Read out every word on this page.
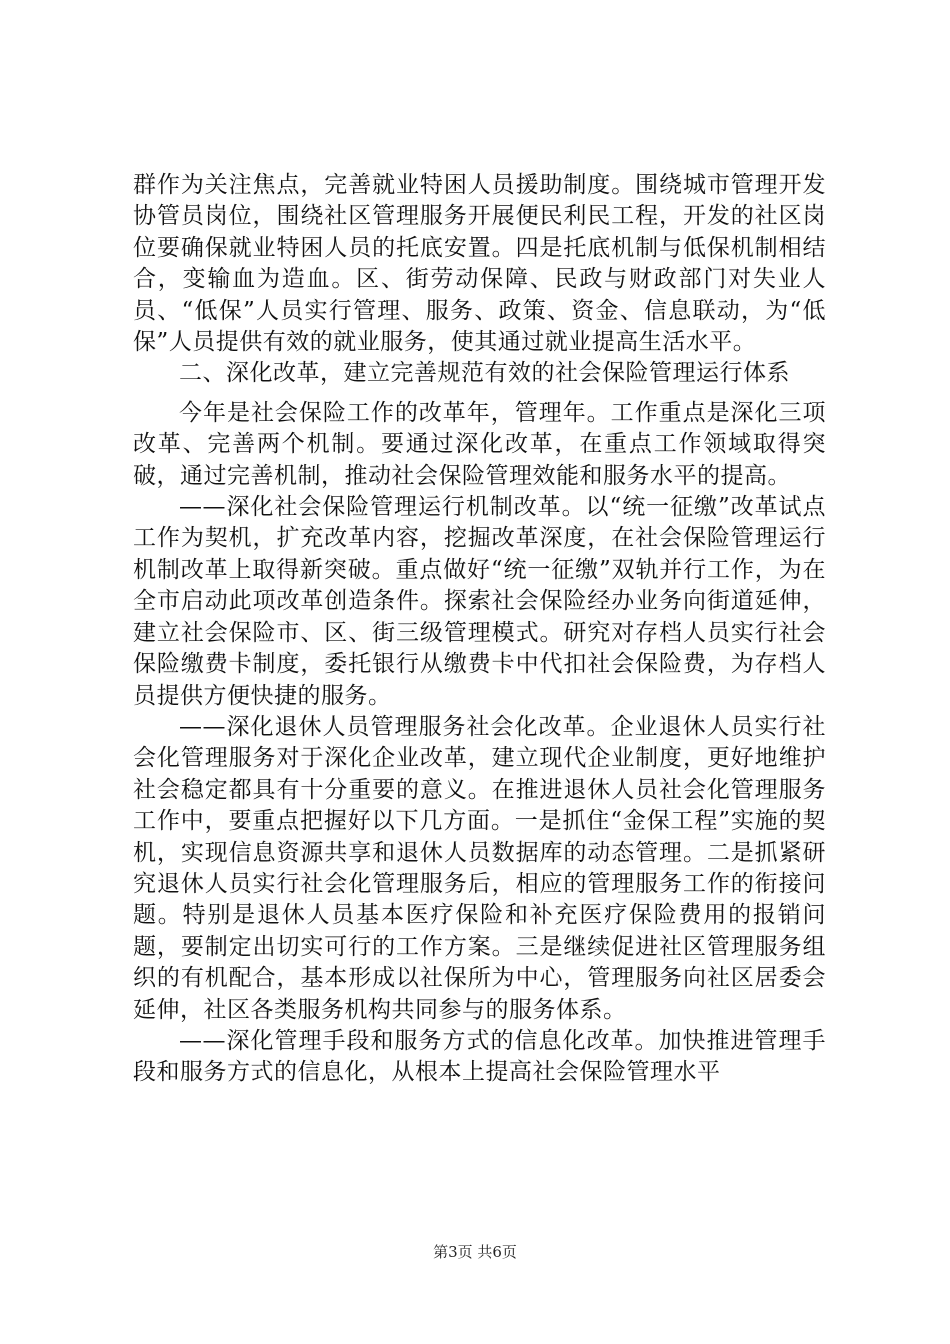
群作为关注焦点，完善就业特困人员援助制度。围绕城市管理开发协管员岗位，围绕社区管理服务开展便民利民工程，开发的社区岗位要确保就业特困人员的托底安置。四是托底机制与低保机制相结合，变输血为造血。区、街劳动保障、民政与财政部门对失业人员、“低保”人员实行管理、服务、政策、资金、信息联动，为“低保”人员提供有效的就业服务，使其通过就业提高生活水平。

二、深化改革，建立完善规范有效的社会保险管理运行体系

今年是社会保险工作的改革年，管理年。工作重点是深化三项改革、完善两个机制。要通过深化改革，在重点工作领域取得突破，通过完善机制，推动社会保险管理效能和服务水平的提高。

——深化社会保险管理运行机制改革。以“统一征缴”改革试点工作为契机，扩充改革内容，挖掘改革深度，在社会保险管理运行机制改革上取得新突破。重点做好“统一征缴”双轨并行工作，为在全市启动此项改革创造条件。探索社会保险经办业务向街道延伸，建立社会保险市、区、街三级管理模式。研究对存档人员实行社会保险缴费卡制度，委托银行从缴费卡中代扣社会保险费，为存档人员提供方便快捷的服务。

——深化退休人员管理服务社会化改革。企业退休人员实行社会化管理服务对于深化企业改革，建立现代企业制度，更好地维护社会稳定都具有十分重要的意义。在推进退休人员社会化管理服务工作中，要重点把握好以下几方面。一是抓住“金保工程”实施的契机，实现信息资源共享和退休人员数据库的动态管理。二是抓紧研究退休人员实行社会化管理服务后，相应的管理服务工作的衔接问题。特别是退休人员基本医疗保险和补充医疗保险费用的报销问题，要制定出切实可行的工作方案。三是继续促进社区管理服务组织的有机配合，基本形成以社保所为中心，管理服务向社区居委会延伸，社区各类服务机构共同参与的服务体系。

——深化管理手段和服务方式的信息化改革。加快推进管理手段和服务方式的信息化，从根本上提高社会保险管理水平

第3页 共6页
